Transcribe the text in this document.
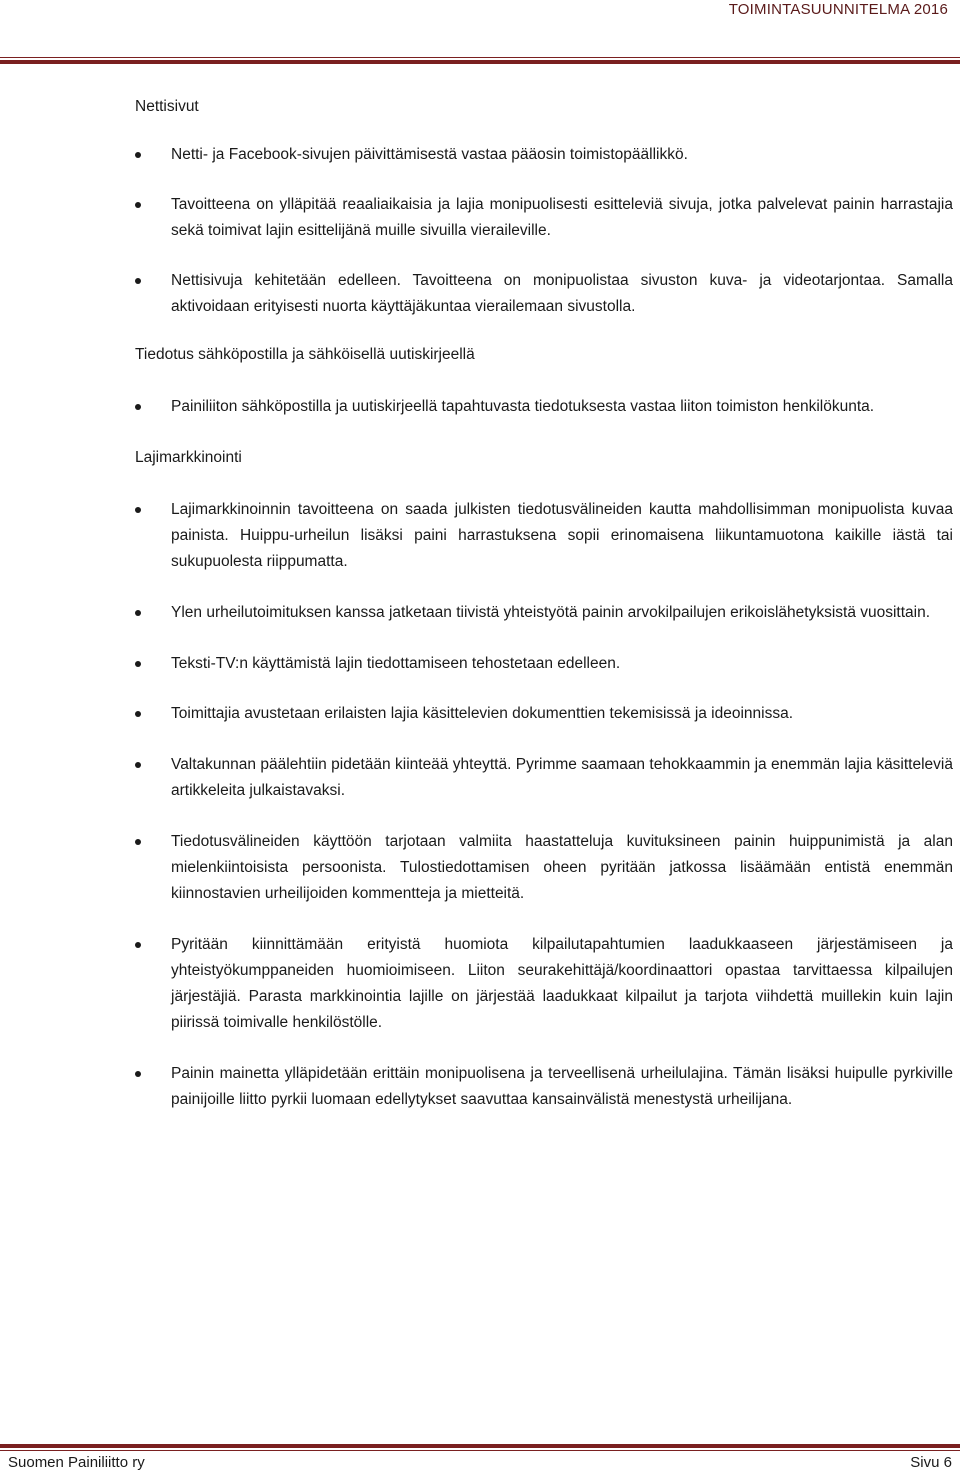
TOIMINTASUUNNITELMA 2016
Nettisivut
Netti- ja Facebook-sivujen päivittämisestä vastaa pääosin toimistopäällikkö.
Tavoitteena on ylläpitää reaaliaikaisia ja lajia monipuolisesti esitteleviä sivuja, jotka palvelevat painin harrastajia sekä toimivat lajin esittelijänä muille sivuilla vieraileville.
Nettisivuja kehitetään edelleen. Tavoitteena on monipuolistaa sivuston kuva- ja videotarjontaa. Samalla aktivoidaan erityisesti nuorta käyttäjäkuntaa vierailemaan sivustolla.
Tiedotus sähköpostilla ja sähköisellä uutiskirjeellä
Painiliiton sähköpostilla ja uutiskirjeellä tapahtuvasta tiedotuksesta vastaa liiton toimiston henkilökunta.
Lajimarkkinointi
Lajimarkkinoinnin tavoitteena on saada julkisten tiedotusvälineiden kautta mahdollisimman monipuolista kuvaa painista. Huippu-urheilun lisäksi paini harrastuksena sopii erinomaisena liikuntamuotona kaikille iästä tai sukupuolesta riippumatta.
Ylen urheilutoimituksen kanssa jatketaan tiivistä yhteistyötä painin arvokilpailujen erikoislähetyksistä vuosittain.
Teksti-TV:n käyttämistä lajin tiedottamiseen tehostetaan edelleen.
Toimittajia avustetaan erilaisten lajia käsittelevien dokumenttien tekemisissä ja ideoinnissa.
Valtakunnan päälehtiin pidetään kiinteää yhteyttä. Pyrimme saamaan tehokkaammin ja enemmän lajia käsitteleviä artikkeleita julkaistavaksi.
Tiedotusvälineiden käyttöön tarjotaan valmiita haastatteluja kuvituksineen painin huippunimistä ja alan mielenkiintoisista persoonista. Tulostiedottamisen oheen pyritään jatkossa lisäämään entistä enemmän kiinnostavien urheilijoiden kommentteja ja mietteitä.
Pyritään kiinnittämään erityistä huomiota kilpailutapahtumien laadukkaaseen järjestämiseen ja yhteistyökumppaneiden huomioimiseen. Liiton seurakehittäjä/koordinaattori opastaa tarvittaessa kilpailujen järjestäjiä. Parasta markkinointia lajille on järjestää laadukkaat kilpailut ja tarjota viihdettä muillekin kuin lajin piirissä toimivalle henkilöstölle.
Painin mainetta ylläpidetään erittäin monipuolisena ja terveellisenä urheilulajina. Tämän lisäksi huipulle pyrkiville painijoille liitto pyrkii luomaan edellytykset saavuttaa kansainvälistä menestystä urheilijana.
Suomen Painiliitto ry	Sivu 6
